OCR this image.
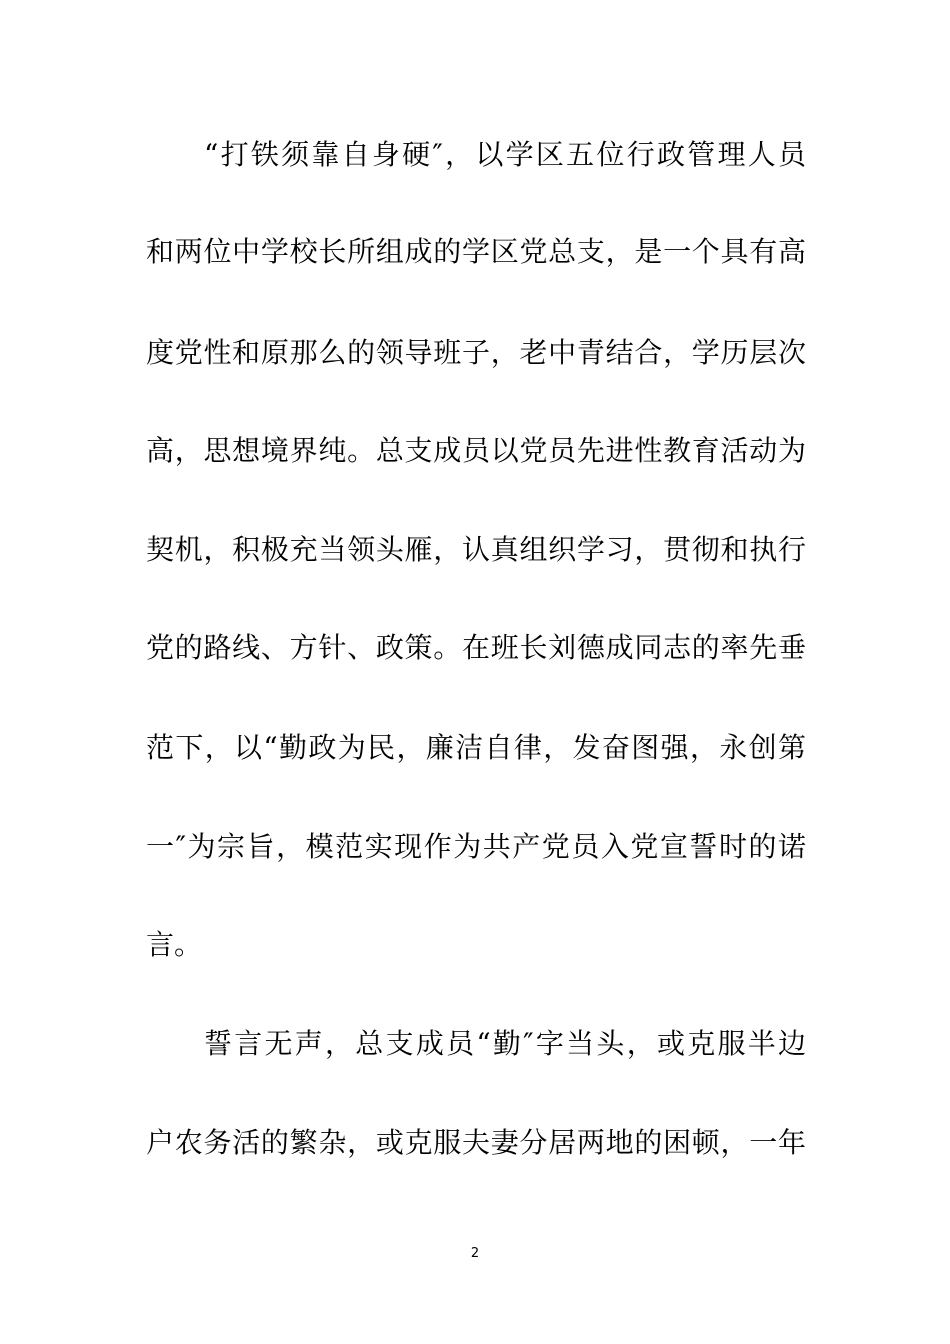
“打铁须靠自身硬″，以学区五位行政管理人员
和两位中学校长所组成的学区党总支，是一个具有高
度党性和原那么的领导班子，老中青结合，学历层次
高，思想境界纯。总支成员以党员先进性教育活动为
契机，积极充当领头雁，认真组织学习，贯彻和执行
党的路线、方针、政策。在班长刘德成同志的率先垂
范下，以“勤政为民，廉洁自律，发奋图强，永创第
一″为宗旨，模范实现作为共产党员入党宣誓时的诺
言。
誓言无声，总支成员“勤″字当头，或克服半边
户农务活的繁杂，或克服夫妻分居两地的困顿，一年
2
